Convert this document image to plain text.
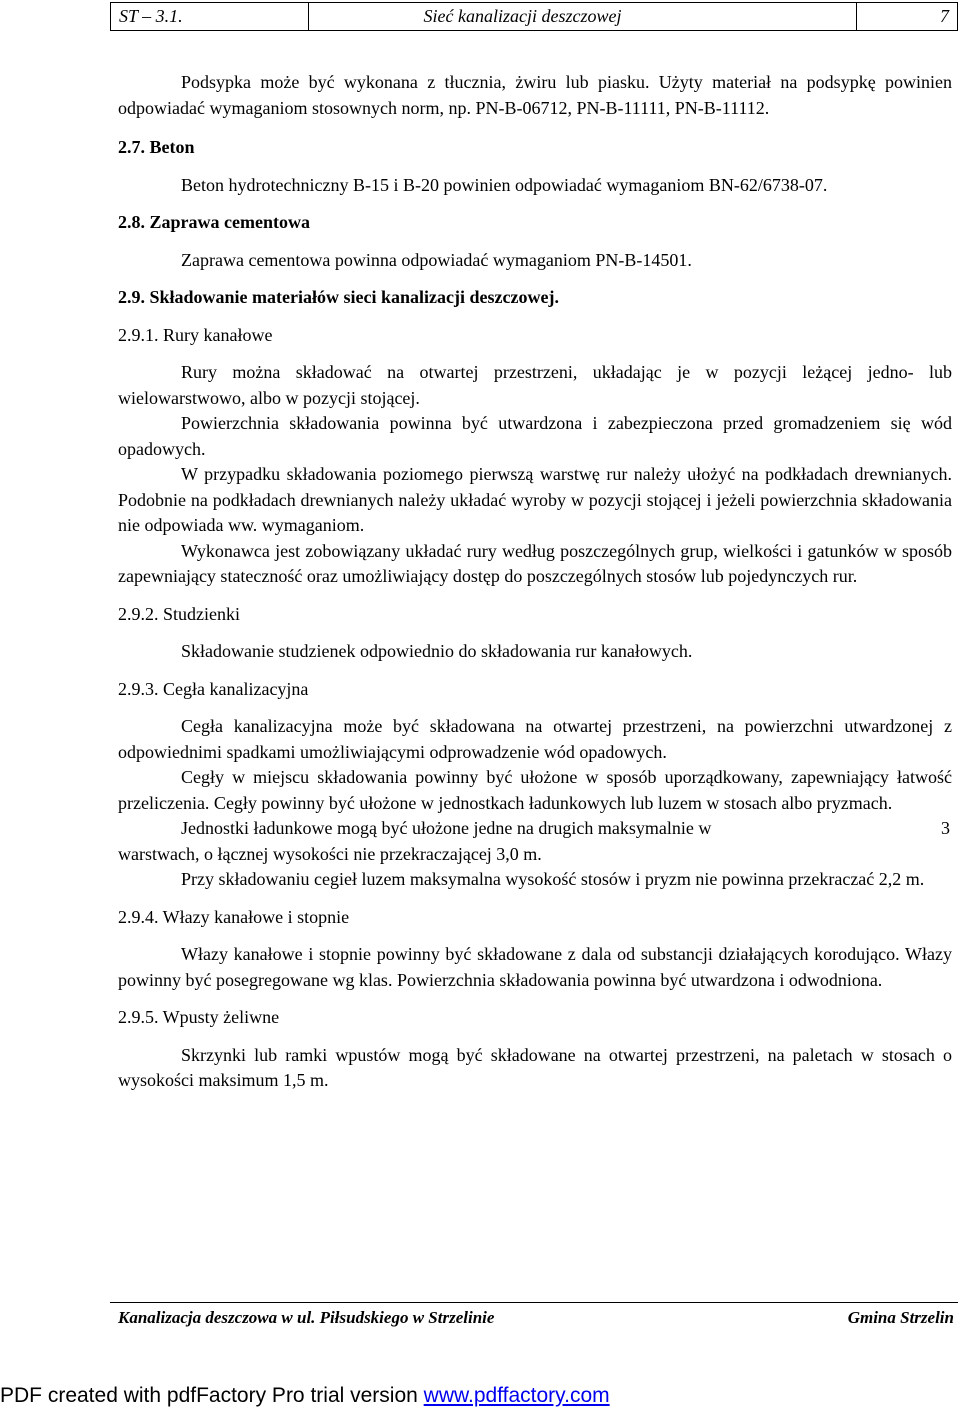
ST – 3.1.	Sieć kanalizacji deszczowej	7

Podsypka może być wykonana z tłucznia, żwiru lub piasku. Użyty materiał na podsypkę powinien odpowiadać wymaganiom stosownych norm, np. PN-B-06712, PN-B-11111, PN-B-11112.

2.7. Beton

Beton hydrotechniczny B-15 i B-20 powinien odpowiadać wymaganiom BN-62/6738-07.

2.8. Zaprawa cementowa

Zaprawa cementowa powinna odpowiadać wymaganiom PN-B-14501.

2.9. Składowanie materiałów sieci kanalizacji deszczowej.

2.9.1. Rury kanałowe

Rury można składować na otwartej przestrzeni, układając je w pozycji leżącej jedno- lub wielowarstwowo, albo w pozycji stojącej.

Powierzchnia składowania powinna być utwardzona i zabezpieczona przed gromadzeniem się wód opadowych.

W przypadku składowania poziomego pierwszą warstwę rur należy ułożyć na podkładach drewnianych. Podobnie na podkładach drewnianych należy układać wyroby w pozycji stojącej i jeżeli powierzchnia składowania nie odpowiada ww. wymaganiom.

Wykonawca jest zobowiązany układać rury według poszczególnych grup, wielkości i gatunków w sposób zapewniający stateczność oraz umożliwiający dostęp do poszczególnych stosów lub pojedynczych rur.

2.9.2. Studzienki

Składowanie studzienek odpowiednio do składowania rur kanałowych.

2.9.3. Cegła kanalizacyjna

Cegła kanalizacyjna może być składowana na otwartej przestrzeni, na powierzchni utwardzonej z odpowiednimi spadkami umożliwiającymi odprowadzenie wód opadowych.

Cegły w miejscu składowania powinny być ułożone w sposób uporządkowany, zapewniający łatwość przeliczenia. Cegły powinny być ułożone w jednostkach ładunkowych lub luzem w stosach albo pryzmach.

Jednostki ładunkowe mogą być ułożone jedne na drugich maksymalnie w	3

warstwach, o łącznej wysokości nie przekraczającej 3,0 m.

Przy składowaniu cegieł luzem maksymalna wysokość stosów i pryzm nie powinna przekraczać 2,2 m.

2.9.4. Włazy kanałowe i stopnie

Włazy kanałowe i stopnie powinny być składowane z dala od substancji działających korodująco. Włazy powinny być posegregowane wg klas. Powierzchnia składowania powinna być utwardzona i odwodniona.

2.9.5. Wpusty żeliwne

Skrzynki lub ramki wpustów mogą być składowane na otwartej przestrzeni, na paletach w stosach o wysokości maksimum 1,5 m.

Kanalizacja deszczowa w ul. Piłsudskiego w Strzelinie	Gmina Strzelin
PDF created with pdfFactory Pro trial version www.pdffactory.com
